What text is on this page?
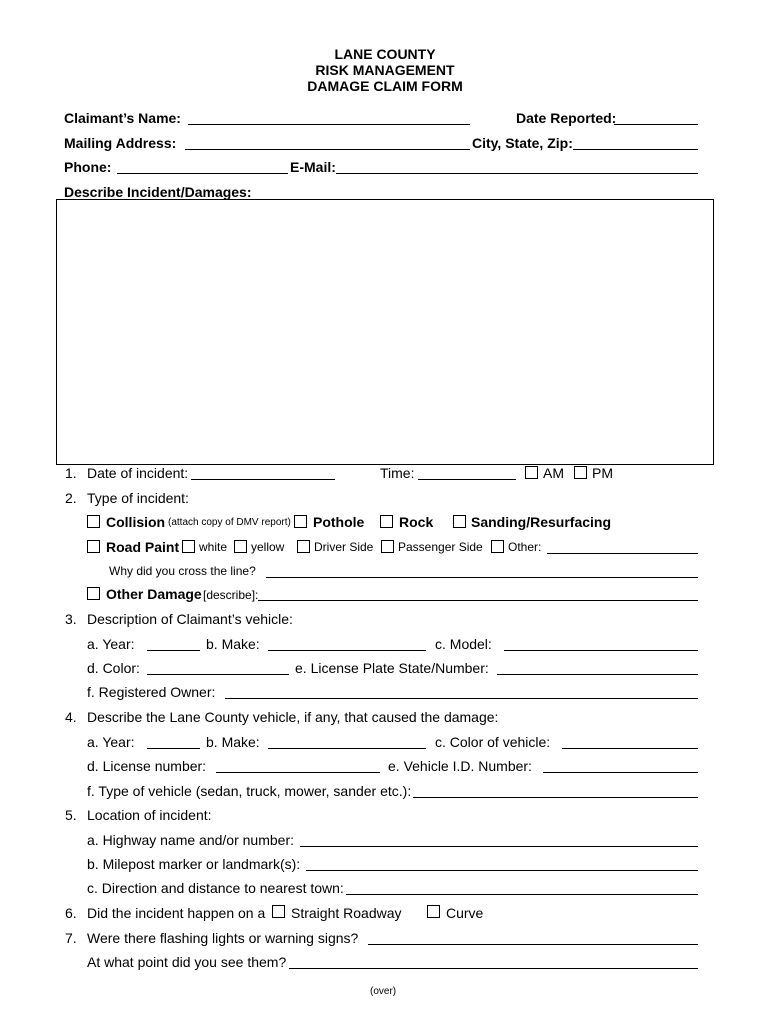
LANE COUNTY
RISK MANAGEMENT
DAMAGE CLAIM FORM
Claimant’s Name:	Date Reported:
Mailing Address:	City, State, Zip:
Phone:	E-Mail:
Describe Incident/Damages:
1. Date of incident:	Time:	AM PM
2. Type of incident:
Collision (attach copy of DMV report) Pothole Rock	Sanding/Resurfacing
Road Paint white yellow Driver Side Passenger Side Other:
Why did you cross the line?
Other Damage [describe]:
3. Description of Claimant’s vehicle:
a. Year:	b. Make:	c. Model:
d. Color:	e. License Plate State/Number:
f. Registered Owner:
4. Describe the Lane County vehicle, if any, that caused the damage:
a. Year:	b. Make:	c. Color of vehicle:
d. License number:	e. Vehicle I.D. Number:
f. Type of vehicle (sedan, truck, mower, sander etc.):
5. Location of incident:
a. Highway name and/or number:
b. Milepost marker or landmark(s):
c. Direction and distance to nearest town:
6. Did the incident happen on a Straight Roadway	Curve
7. Were there flashing lights or warning signs?
At what point did you see them?
(over)
